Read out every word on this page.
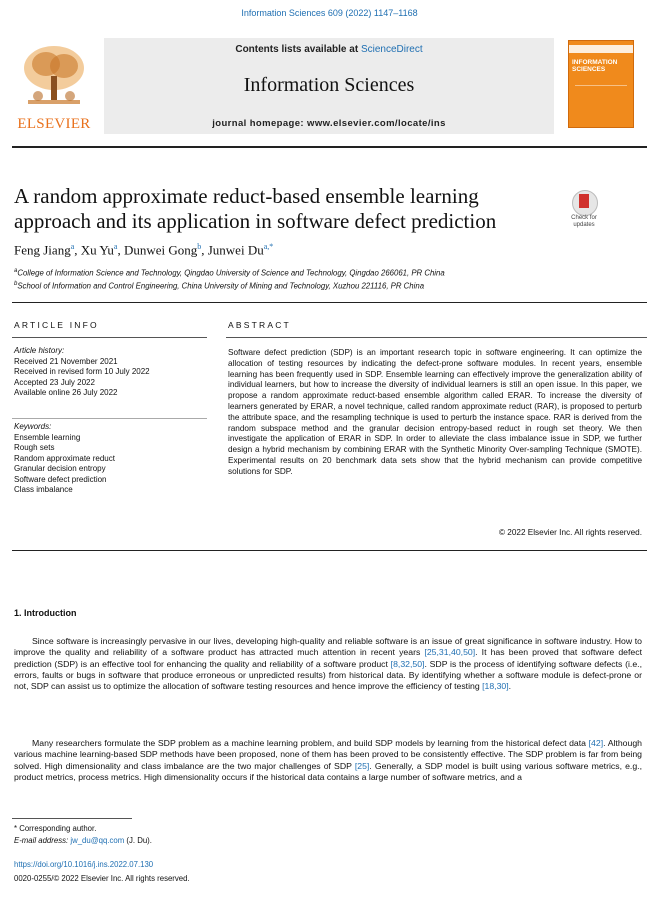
Information Sciences 609 (2022) 1147–1168
ELSEVIER
Contents lists available at ScienceDirect
Information Sciences
journal homepage: www.elsevier.com/locate/ins
INFORMATION SCIENCES
A random approximate reduct-based ensemble learning approach and its application in software defect prediction	Check for updates
Feng Jiang$^a$, Xu Yu$^a$, Dunwei Gong$^b$, Junwei $Du^{a,*}$
$^a$College of Information Science and Technology, Qingdao University of Science and Technology, Qingdao 266061, PR China
$^b$School of Information and Control Engineering, China University of Mining and Technology, Xuzhou 221116, PR China
ARTICLE INFO	ABSTRACT
Article history:
Received 21 November 2021
Received in revised form 10 July 2022
Accepted 23 July 2022
Available online 26 July 2022
Keywords:
Ensemble learning
Rough sets
Random approximate reduct
Granular decision entropy
Software defect prediction
Class imbalance
Software defect prediction (SDP) is an important research topic in software engineering. It can optimize the allocation of testing resources by indicating the defect-prone software modules. In recent years, ensemble learning has been frequently used in SDP. Ensemble learning can effectively improve the generalization ability of individual learners, but how to increase the diversity of individual learners is still an open issue. In this paper, we propose a random approximate reduct-based ensemble algorithm called ERAR. To increase the diversity of learners generated by ERAR, a novel technique, called random approximate reduct (RAR), is proposed to perturb the attribute space, and the resampling technique is used to perturb the instance space. RAR is derived from the random subspace method and the granular decision entropy-based reduct in rough set theory. We then investigate the application of ERAR in SDP. In order to alleviate the class imbalance issue in SDP, we further design a hybrid mechanism by combining ERAR with the Synthetic Minority Over-sampling Technique (SMOTE). Experimental results on 20 benchmark data sets show that the hybrid mechanism can provide competitive solutions for SDP.
© 2022 Elsevier Inc. All rights reserved.
1. Introduction
Since software is increasingly pervasive in our lives, developing high-quality and reliable software is an issue of great significance in software industry. How to improve the quality and reliability of a software product has attracted much attention in recent years [25,31,40,50]. It has been proved that software defect prediction (SDP) is an effective tool for enhancing the quality and reliability of a software product [8,32,50]. SDP is the process of identifying software defects (i.e., errors, faults or bugs in software that produce erroneous or unpredicted results) from historical data. By identifying whether a software module is defect-prone or not, SDP can assist us to optimize the allocation of software testing resources and hence improve the efficiency of testing [18,30].
Many researchers formulate the SDP problem as a machine learning problem, and build SDP models by learning from the historical defect data [42]. Although various machine learning-based SDP methods have been proposed, none of them has been proved to be consistently effective. The SDP problem is far from being solved. High dimensionality and class imbalance are the two major challenges of SDP [25]. Generally, a SDP model is built using various software metrics, e.g., product metrics, process metrics. High dimensionality occurs if the historical data contains a large number of software metrics, and a
* Corresponding author.
E-mail address: jw_du@qq.com (J. Du).
https://doi.org/10.1016/j.ins.2022.07.130
0020-0255/© 2022 Elsevier Inc. All rights reserved.
